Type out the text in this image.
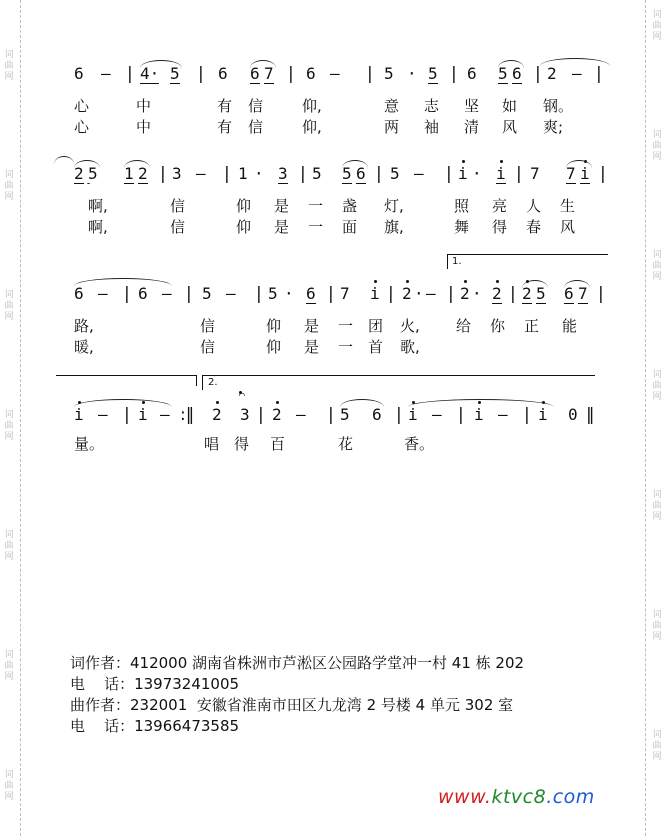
词
曲
网
词
曲
网
词
曲
网
词
曲
网
词
曲
网
词
曲
网
词
曲
网
词
曲
网
词
曲
网
词
曲
网
词
曲
网
词
曲
网
词
曲
网
词
曲
网
6 – | 4· 5 | 6 6 7 | 6 – | 5 · 5 | 6 5 6 | 2 – |
心	中	有 信	仰,	意 志 坚 如 钢。
心	中	有 信	仰,	两 袖 清 风 爽;
2 5 1 2 | 3 – | 1 · 3 | 5 5 6 | 5 – | i · i | 7 7 i |
啊,	信	仰 是 一 盏 灯,	照 亮 人 生
啊,	信	仰 是 一 面 旗,	舞 得 春 风
1.
6 – | 6 – | 5 – | 5 · 6 | 7 i | 2 · – | 2 · 2 | 2 5 6 7 |
路,	信	仰 是 一 团 火, 给 你 正 能
暖,	信	仰 是 一 首 歌,
2.
i – | i – :‖ 2
⌒ 3 | 2 – | 5 6 | i – | i – | i 0 ‖
量。	唱 得 百	花	香。
词作者：412000 湖南省株洲市芦淞区公园路学堂冲一村 41 栋 202
电    话：13973241005
曲作者：232001  安徽省淮南市田区九龙湾 2 号楼 4 单元 302 室
电    话：13966473585
www.ktvc8.com
